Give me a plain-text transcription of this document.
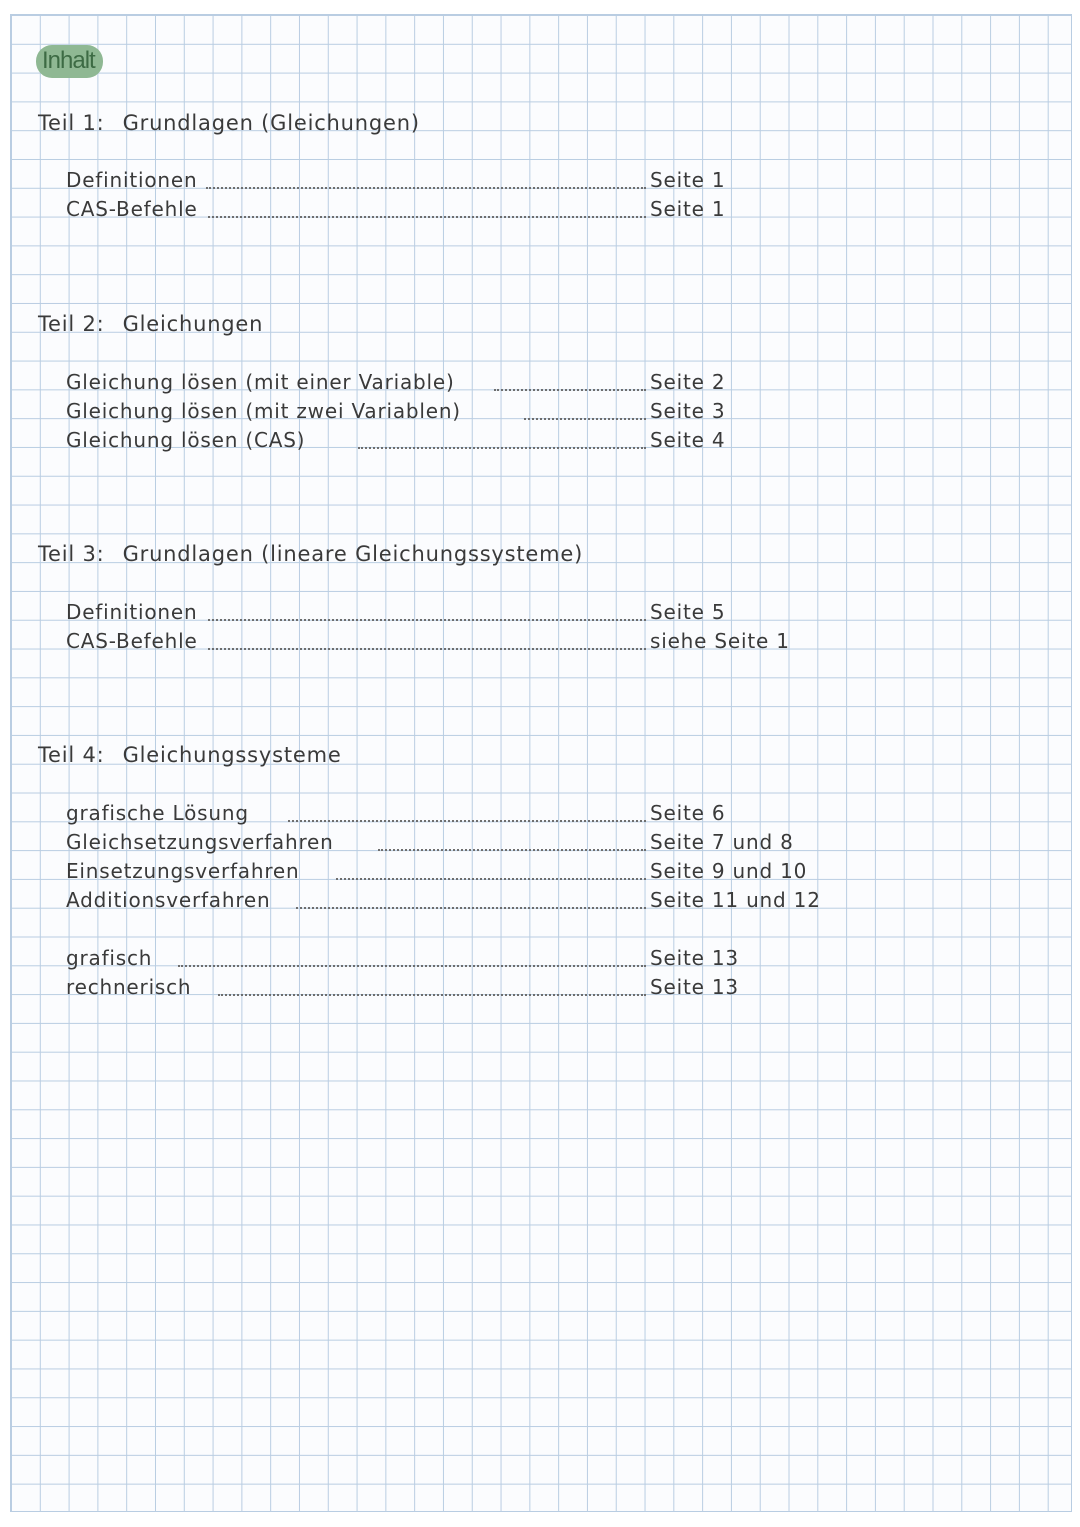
Inhalt
Teil 1: Grundlagen (Gleichungen)
Definitionen	Seite 1
CAS-Befehle	Seite 1
Teil 2: Gleichungen
Gleichung lösen (mit einer Variable)	Seite 2
Gleichung lösen (mit zwei Variablen)	Seite 3
Gleichung lösen (CAS)	Seite 4
Teil 3: Grundlagen (lineare Gleichungssysteme)
Definitionen	Seite 5
CAS-Befehle	siehe Seite 1
Teil 4: Gleichungssysteme
grafische Lösung	Seite 6
Gleichsetzungsverfahren	Seite 7 und 8
Einsetzungsverfahren	Seite 9 und 10
Additionsverfahren	Seite 11 und 12
grafisch	Seite 13
rechnerisch	Seite 13
